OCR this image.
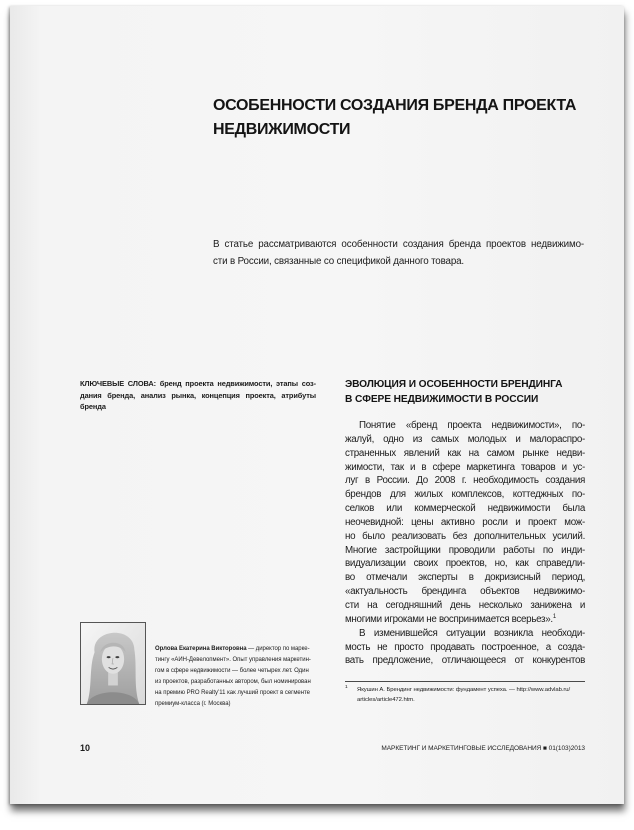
ОСОБЕННОСТИ СОЗДАНИЯ БРЕНДА ПРОЕКТА
НЕДВИЖИМОСТИ
В статье рассматриваются особенности создания бренда проектов недвижимо-
сти в России, связанные со спецификой данного товара.
КЛЮЧЕВЫЕ СЛОВА: бренд проекта недвижимости, этапы соз-
дания бренда, анализ рынка, концепция проекта, атрибуты
бренда
ЭВОЛЮЦИЯ И ОСОБЕННОСТИ БРЕНДИНГА
В СФЕРЕ НЕДВИЖИМОСТИ В РОССИИ
Понятие «бренд проекта недвижимости», по-
жалуй, одно из самых молодых и малораспро-
страненных явлений как на самом рынке недви-
жимости, так и в сфере маркетинга товаров и ус-
луг в России. До 2008 г. необходимость создания
брендов для жилых комплексов, коттеджных по-
селков или коммерческой недвижимости была
неочевидной: цены активно росли и проект мож-
но было реализовать без дополнительных усилий.
Многие застройщики проводили работы по инди-
видуализации своих проектов, но, как справедли-
во отмечали эксперты в докризисный период,
«актуальность брендинга объектов недвижимо-
сти на сегодняшний день несколько занижена и
многими игроками не воспринимается всерьез».$^1$
В изменившейся ситуации возникла необходи-
мость не просто продавать построенное, а созда-
вать предложение, отличающееся от конкурентов
1 Якушин А. Брендинг недвижимости: фундамент успеха. — http://www.advlab.ru/
articles/article472.htm.
Орлова Екатерина Викторовна — директор по марке-
тингу «АИН-Девелопмент». Опыт управления маркетин-
гом в сфере недвижимости — более четырех лет. Один
из проектов, разработанных автором, был номинирован
на премию PRO Realty’11 как лучший проект в сегменте
премиум-класса (г. Москва)
10	МАРКЕТИНГ И МАРКЕТИНГОВЫЕ ИССЛЕДОВАНИЯ ■ 01(103)2013
